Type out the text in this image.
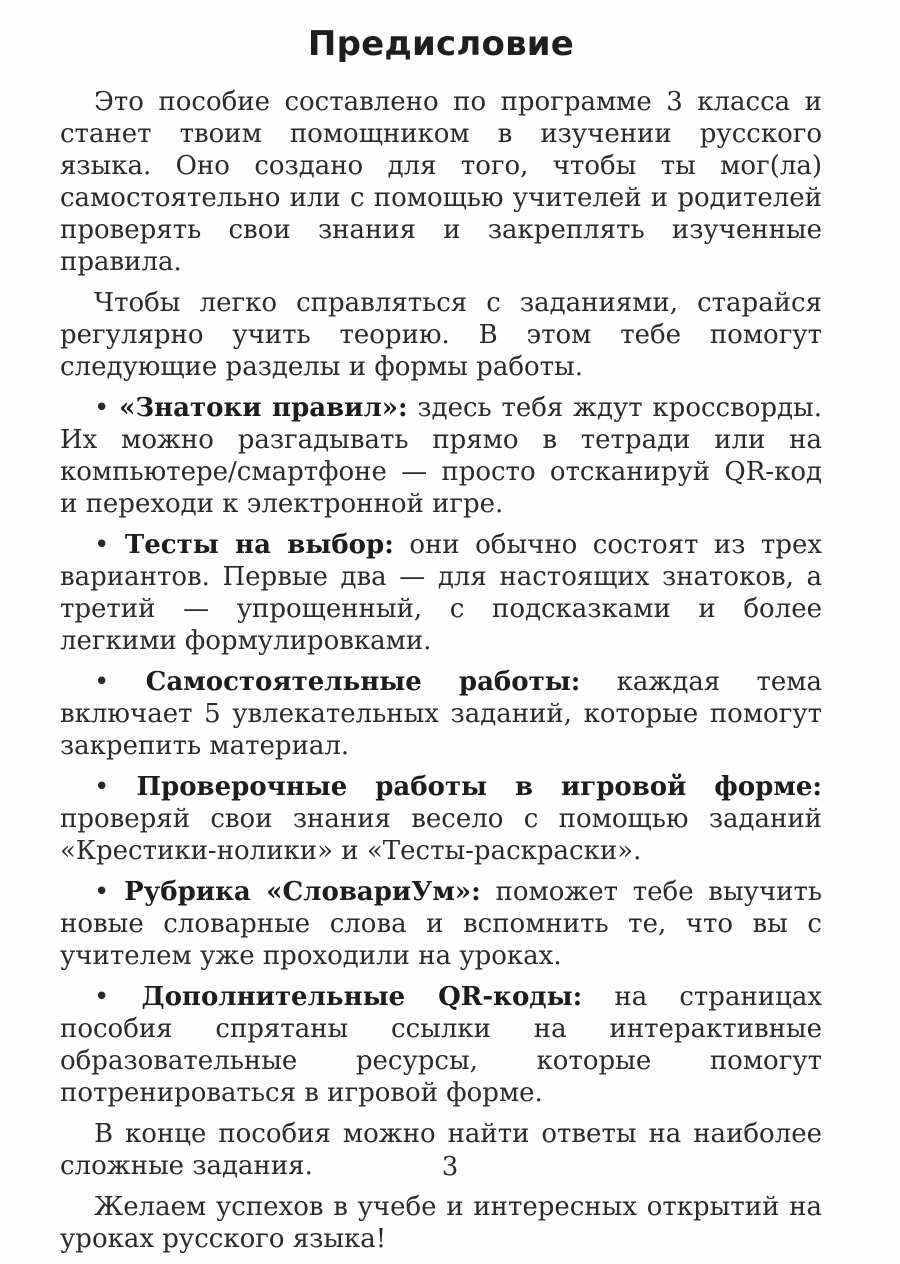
Предисловие

Это пособие составлено по программе 3 класса и станет твоим помощником в изучении русского языка. Оно создано для того, чтобы ты мог(ла) самостоятельно или с помощью учителей и родителей проверять свои знания и закреплять изученные правила.

Чтобы легко справляться с заданиями, старайся регулярно учить теорию. В этом тебе помогут следующие разделы и формы работы.

• «Знатоки правил»: здесь тебя ждут кроссворды. Их можно разгадывать прямо в тетради или на компьютере/смартфоне — просто отсканируй QR-код и переходи к электронной игре.

• Тесты на выбор: они обычно состоят из трех вариантов. Первые два — для настоящих знатоков, а третий — упрощенный, с подсказками и более легкими формулировками.

• Самостоятельные работы: каждая тема включает 5 увлекательных заданий, которые помогут закрепить материал.

• Проверочные работы в игровой форме: проверяй свои знания весело с помощью заданий «Крестики-нолики» и «Тесты-раскраски».

• Рубрика «СловариУм»: поможет тебе выучить новые словарные слова и вспомнить те, что вы с учителем уже проходили на уроках.

• Дополнительные QR-коды: на страницах пособия спрятаны ссылки на интерактивные образовательные ресурсы, которые помогут потренироваться в игровой форме.

В конце пособия можно найти ответы на наиболее сложные задания.

Желаем успехов в учебе и интересных открытий на уроках русского языка!

3
